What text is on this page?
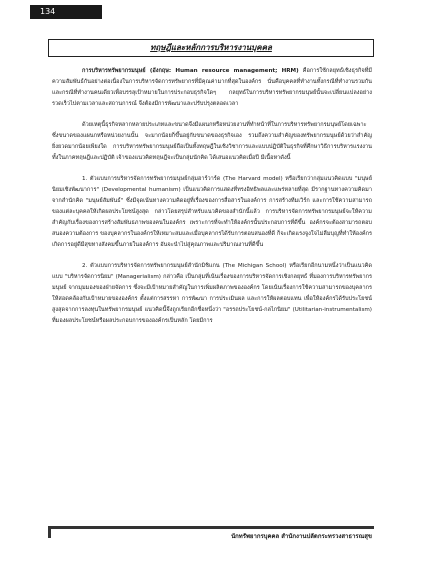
134
ทฤษฎีและหลักการบริหารงานบุคคล

การบริหารทรัพยากรมนุษย์ (อังกฤษ: Human resource management; HRM) คือการใช้กลยุทธ์เชิงธุรกิจที่มีความสัมพันธ์กันอย่างต่อเนื่องในการบริหารจัดการทรัพยากรที่มีคุณค่ามากที่สุดในองค์กร นั่นคือบุคคลที่ทำงานทั้งกรณีที่ทำงานรวมกันและกรณีที่ทำงานคนเดียวเพื่อบรรลุเป้าหมายในการประกอบธุรกิจใดๆ กลยุทธ์ในการบริหารทรัพยากรมนุษย์นั้นจะเปลี่ยนแปลงอย่างรวดเร็วไปตามเวลาและสถานการณ์ จึงต้องมีการพัฒนาและปรับปรุงตลอดเวลา

ด้วยเหตุนี้ธุรกิจหลากหลายประเภทและขนาดจึงมีแผนกหรือหน่วยงานที่ทำหน้าที่ในการบริหารทรัพยากรมนุษย์โดยเฉพาะ ซึ่งขนาดของแผนกหรือหน่วยงานนั้น จะมากน้อยก็ขึ้นอยู่กับขนาดของธุรกิจเอง รวมถึงความสำคัญของทรัพยากรมนุษย์ด้วยว่าสำคัญยิ่งยวดมากน้อยเพียงใด การบริหารทรัพยากรมนุษย์ถือเป็นทั้งทฤษฎีในเชิงวิชาการและแบบปฏิบัติในธุรกิจที่ศึกษาวิธีการบริหารแรงงานทั้งในภาคทฤษฎีและปฏิบัติ เจ้าของแนวคิดทฤษฎีจะเป็นกลุ่มนักคิด ได้เสนอแนวคิดเมื่อปี มีเนื้อหาดังนี้

1. ตัวแบบการบริหารจัดการทรัพยากรมนุษย์กลุ่มฮาร์วาร์ด (The Harvard model) หรือเรียกว่ากลุ่มแนวคิดแบบ "มนุษย์นิยมเชิงพัฒนาการ" (Developmental humanism) เป็นแนวคิดการแสดงที่ทรงอิทธิพลและแพร่หลายที่สุด มีรากฐานทางความคิดมาจากสำนักคิด "มนุษย์สัมพันธ์" ซึ่งมีจุดเน้นทางความคิดอยู่ที่เรื่องของการสื่อสารในองค์การ การสร้างทีมเวิร์ก และการใช้ความสามารถของแต่ละบุคคลให้เกิดผลประโยชน์สูงสุด กล่าวโดยสรุปสำหรับแนวคิดของสำนักนี้แล้ว การบริหารจัดการทรัพยากรมนุษย์จะให้ความสำคัญกับเรื่องของการสร้างสัมพันธภาพของคนในองค์กร เพราะการที่จะทำให้องค์กรนั้นประกอบการที่ดีขึ้น องค์กรจะต้องสามารถตอบสนองความต้องการ ของบุคลากรในองค์กรให้เหมาะสมและเมื่อบุคลากรได้รับการตอบสนองที่ดี ก็จะเกิดแรงจูงใจไม่ลืมบุญที่ทำให้องค์กรเกิดการอยู่ดีมีสุขทางสังคมขึ้นภายในองค์การ อันจะนำไปสู่คุณภาพและปริมาณงานที่ดีขึ้น

2. ตัวแบบการบริหารจัดการทรัพยากรมนุษย์สำนักมิชิแกน (The Michigan School) หรือเรียกอีกนามหนึ่งว่าเป็นแนวคิดแบบ "บริหารจัดการนิยม" (Managerialism) กล่าวคือ เป็นกลุ่มที่เน้นเรื่องของการบริหารจัดการเชิงกลยุทธ์ ที่มองการบริหารทรัพยากรมนุษย์ จากมุมมองของฝ่ายจัดการ ซึ่งจะมีเป้าหมายสำคัญในการเพิ่มผลิตภาพขององค์กร โดยเน้นเรื่องการใช้ความสามารถของบุคลากรให้สอดคล้องกับเป้าหมายขององค์กร ตั้งแต่การสรรหา การพัฒนา การประเมินผล และการให้ผลตอบแทน เพื่อให้องค์กรได้รับประโยชน์สูงสุดจากการลงทุนในทรัพยากรมนุษย์ แนวคิดนี้จึงถูกเรียกอีกชื่อหนึ่งว่า "อรรถประโยชน์-กลไกนิยม" (Utilitarian-instrumentalism) ที่มองผลประโยชน์หรือผลประกอบการขององค์กรเป็นหลัก โดยมีการ

นักทรัพยากรบุคคล สำนักงานปลัดกระทรวงสาธารณสุข
